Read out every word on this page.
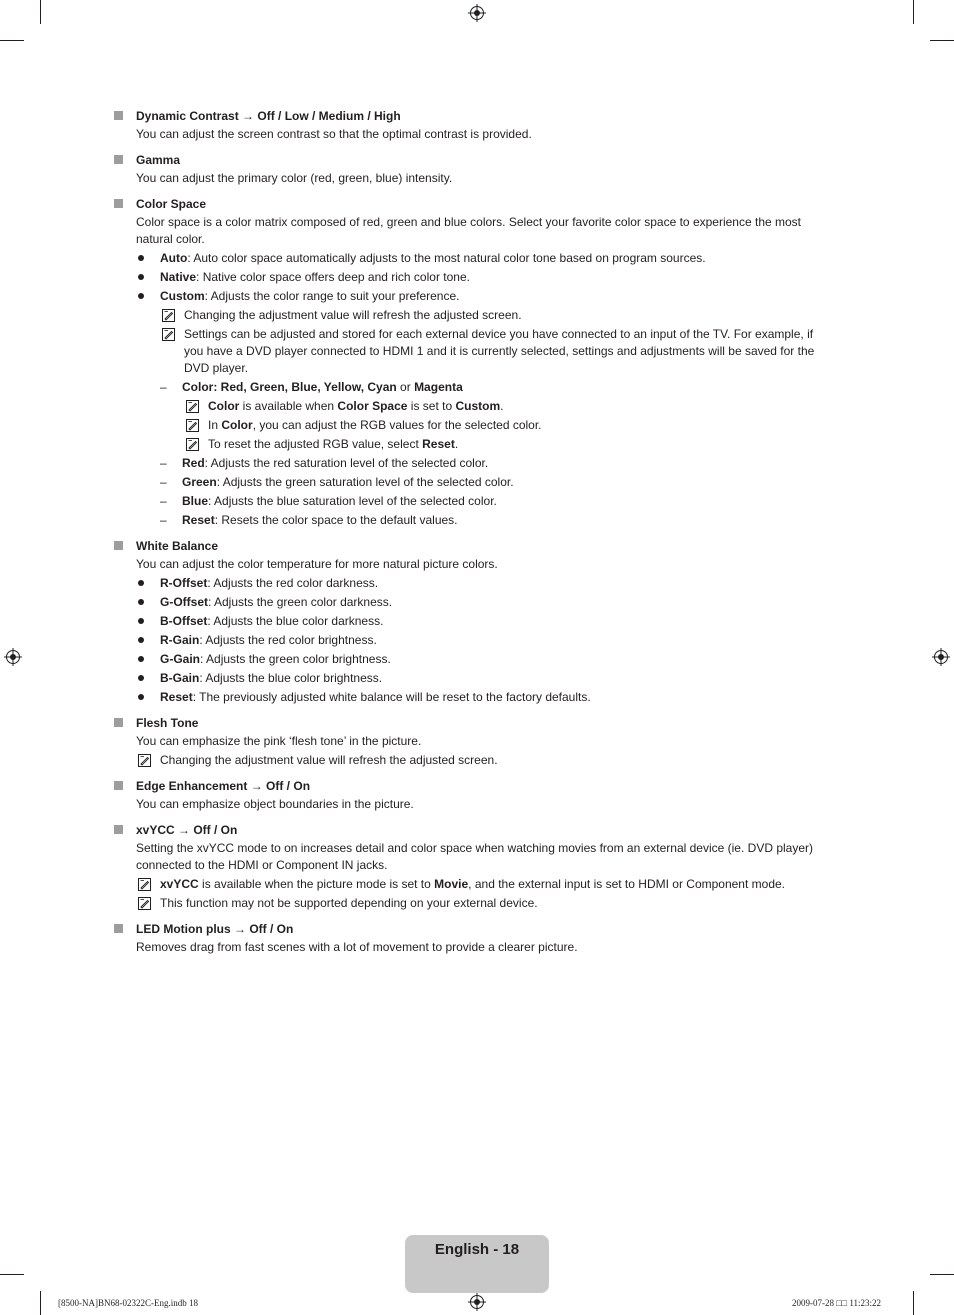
Dynamic Contrast → Off / Low / Medium / High
You can adjust the screen contrast so that the optimal contrast is provided.
Gamma
You can adjust the primary color (red, green, blue) intensity.
Color Space
Color space is a color matrix composed of red, green and blue colors. Select your favorite color space to experience the most natural color.
Auto: Auto color space automatically adjusts to the most natural color tone based on program sources.
Native: Native color space offers deep and rich color tone.
Custom: Adjusts the color range to suit your preference.
Changing the adjustment value will refresh the adjusted screen.
Settings can be adjusted and stored for each external device you have connected to an input of the TV. For example, if you have a DVD player connected to HDMI 1 and it is currently selected, settings and adjustments will be saved for the DVD player.
– Color: Red, Green, Blue, Yellow, Cyan or Magenta
Color is available when Color Space is set to Custom.
In Color, you can adjust the RGB values for the selected color.
To reset the adjusted RGB value, select Reset.
– Red: Adjusts the red saturation level of the selected color.
– Green: Adjusts the green saturation level of the selected color.
– Blue: Adjusts the blue saturation level of the selected color.
– Reset: Resets the color space to the default values.
White Balance
You can adjust the color temperature for more natural picture colors.
R-Offset: Adjusts the red color darkness.
G-Offset: Adjusts the green color darkness.
B-Offset: Adjusts the blue color darkness.
R-Gain: Adjusts the red color brightness.
G-Gain: Adjusts the green color brightness.
B-Gain: Adjusts the blue color brightness.
Reset: The previously adjusted white balance will be reset to the factory defaults.
Flesh Tone
You can emphasize the pink ‘flesh tone’ in the picture.
Changing the adjustment value will refresh the adjusted screen.
Edge Enhancement → Off / On
You can emphasize object boundaries in the picture.
xvYCC → Off / On
Setting the xvYCC mode to on increases detail and color space when watching movies from an external device (ie. DVD player) connected to the HDMI or Component IN jacks.
xvYCC is available when the picture mode is set to Movie, and the external input is set to HDMI or Component mode.
This function may not be supported depending on your external device.
LED Motion plus → Off / On
Removes drag from fast scenes with a lot of movement to provide a clearer picture.
English - 18
[8500-NA]BN68-02322C-Eng.indb 18	2009-07-28 □□ 11:23:22
